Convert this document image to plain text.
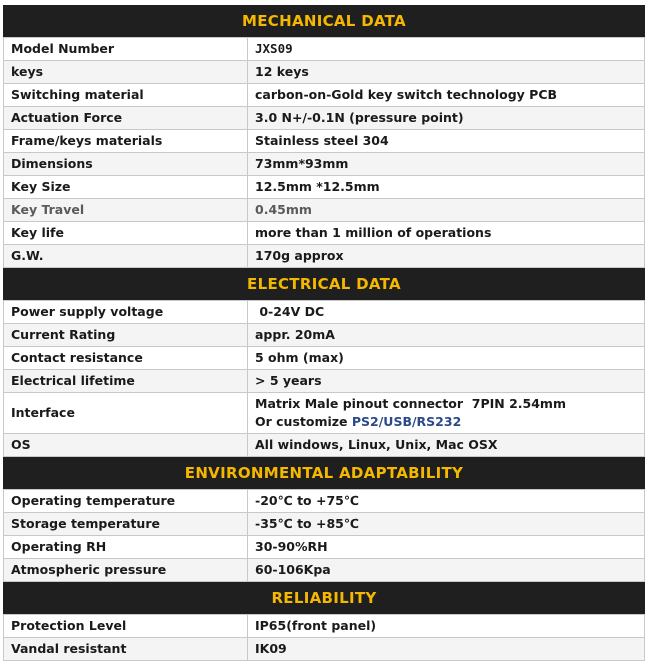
MECHANICAL DATA
Model Number	JXS09
keys	12 keys
Switching material	carbon-on-Gold key switch technology PCB
Actuation Force	3.0 N+/-0.1N (pressure point)
Frame/keys materials	Stainless steel 304
Dimensions	73mm*93mm
Key Size	12.5mm *12.5mm
Key Travel	0.45mm
Key life	more than 1 million of operations
G.W.	170g approx
ELECTRICAL DATA
Power supply voltage	0-24V DC
Current Rating	appr. 20mA
Contact resistance	5 ohm (max)
Electrical lifetime	> 5 years
Interface	Matrix Male pinout connector  7PIN 2.54mm
Or customize PS2/USB/RS232

OS	All windows, Linux, Unix, Mac OSX
ENVIRONMENTAL ADAPTABILITY
Operating temperature	-20℃ to +75℃
Storage temperature	-35℃ to +85℃
Operating RH	30-90%RH
Atmospheric pressure	60-106Kpa
RELIABILITY
Protection Level	IP65(front panel)
Vandal resistant	IK09
